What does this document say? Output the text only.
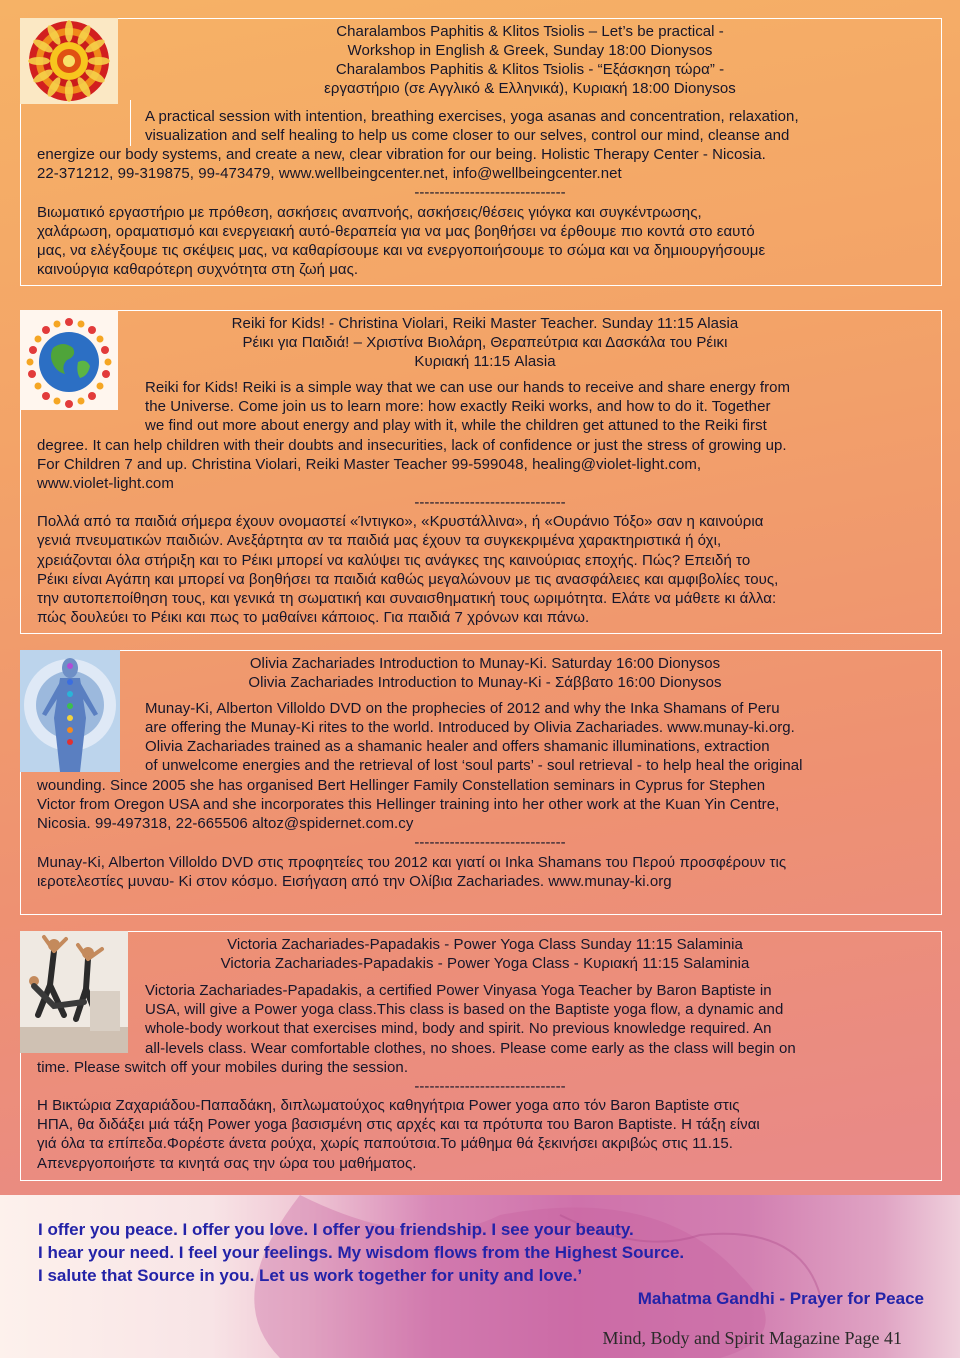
Charalambos Paphitis & Klitos Tsiolis – Let’s be practical -
Workshop in English & Greek, Sunday 18:00 Dionysos
Charalambos Paphitis & Klitos Tsiolis - “Εξάσκηση τώρα” -
εργαστήριο (σε Αγγλικό & Ελληνικά), Κυριακή 18:00 Dionysos
A practical session with intention, breathing exercises, yoga asanas and concentration, relaxation,
visualization and self healing to help us come closer to our selves, control our mind, cleanse and
energize our body systems, and create a new, clear vibration for our being. Holistic Therapy Center - Nicosia.
22-371212, 99-319875, 99-473479, www.wellbeingcenter.net, info@wellbeingcenter.net
------------------------------
Βιωματικό εργαστήριο με πρόθεση, ασκήσεις αναπνοής, ασκήσεις/θέσεις γιόγκα και συγκέντρωσης,
χαλάρωση, οραματισμό και ενεργειακή αυτό-θεραπεία για να μας βοηθήσει να έρθουμε πιο κοντά στο εαυτό
μας, να ελέγξουμε τις σκέψεις μας, να καθαρίσουμε και να ενεργοποιήσουμε το σώμα και να δημιουργήσουμε
καινούργια καθαρότερη συχνότητα στη ζωή μας.
Reiki for Kids! - Christina Violari, Reiki Master Teacher. Sunday 11:15 Alasia
Ρέικι για Παιδιά! – Χριστίνα Βιολάρη, Θεραπεύτρια και Δασκάλα του Ρέικι
Κυριακή 11:15 Alasia
Reiki for Kids! Reiki is a simple way that we can use our hands to receive and share energy from
the Universe. Come join us to learn more: how exactly Reiki works, and how to do it. Together
we find out more about energy and play with it, while the children get attuned to the Reiki first
degree. It can help children with their doubts and insecurities, lack of confidence or just the stress of growing up.
For Children 7 and up. Christina Violari, Reiki Master Teacher 99-599048, healing@violet-light.com,
www.violet-light.com
------------------------------
Πολλά από τα παιδιά σήμερα έχουν ονομαστεί «Ίντιγκο», «Κρυστάλλινα», ή «Ουράνιο Τόξο» σαν η καινούρια
γενιά πνευματικών παιδιών. Ανεξάρτητα αν τα παιδιά μας έχουν τα συγκεκριμένα χαρακτηριστικά ή όχι,
χρειάζονται όλα στήριξη και το Ρέικι μπορεί να καλύψει τις ανάγκες της καινούριας εποχής. Πώς? Επειδή το
Ρέικι είναι Αγάπη και μπορεί να βοηθήσει τα παιδιά καθώς μεγαλώνουν με τις ανασφάλειες και αμφιβολίες τους,
την αυτοπεποίθηση τους, και γενικά τη σωματική και συναισθηματική τους ωριμότητα. Ελάτε να μάθετε κι άλλα:
πώς δουλεύει το Ρέικι και πως το μαθαίνει κάποιος. Για παιδιά 7 χρόνων και πάνω.
Olivia Zachariades Introduction to Munay-Ki. Saturday 16:00 Dionysos
Olivia Zachariades Introduction to Munay-Ki - Σάββατο 16:00 Dionysos
Munay-Ki, Alberton Villoldo DVD on the prophecies of 2012 and why the Inka Shamans of Peru
are offering the Munay-Ki rites to the world. Introduced by Olivia Zachariades. www.munay-ki.org.
Olivia Zachariades trained as a shamanic healer and offers shamanic illuminations, extraction
of unwelcome energies and the retrieval of lost ‘soul parts’ - soul retrieval - to help heal the original
wounding. Since 2005 she has organised Bert Hellinger Family Constellation seminars in Cyprus for Stephen
Victor from Oregon USA and she incorporates this Hellinger training into her other work at the Kuan Yin Centre,
Nicosia. 99-497318, 22-665506 altoz@spidernet.com.cy
------------------------------
Munay-Ki, Alberton Villoldo DVD στις προφητείες του 2012 και γιατί οι Inka Shamans του Περού προσφέρουν τις
ιεροτελεστίες μυναυ- Ki στον κόσμο. Εισήγαση από την Ολίβια Zachariades. www.munay-ki.org
Victoria Zachariades-Papadakis - Power Yoga Class Sunday 11:15 Salaminia
Victoria Zachariades-Papadakis - Power Yoga Class - Κυριακή 11:15 Salaminia
Victoria Zachariades-Papadakis, a certified Power Vinyasa Yoga Teacher by Baron Baptiste in
USA, will give a Power yoga class.This class is based on the Baptiste yoga flow, a dynamic and
whole-body workout that exercises mind, body and spirit. No previous knowledge required. An
all-levels class. Wear comfortable clothes, no shoes. Please come early as the class will begin on
time. Please switch off your mobiles during the session.
------------------------------
Η Βικτώρια Ζαχαριάδου-Παπαδάκη, διπλωματούχος καθηγήτρια Power yoga απο τόν Baron Baptiste στις
ΗΠΑ, θα διδάξει μιά τάξη Power yoga βασισμένη στις αρχές και τα πρότυπα του Baron Baptiste. Η τάξη είναι
γιά όλα τα επίπεδα.Φορέστε άνετα ρούχα, χωρίς παπούτσια.Το μάθημα θά ξεκινήσει ακριβώς στις 11.15.
Απενεργοποιήστε τα κινητά σας την ώρα του μαθήματος.
I offer you peace. I offer you love. I offer you friendship. I see your beauty.
I hear your need. I feel your feelings. My wisdom flows from the Highest Source.
I salute that Source in you. Let us work together for unity and love.’
Mahatma Gandhi - Prayer for Peace
Mind, Body and Spirit Magazine Page 41
